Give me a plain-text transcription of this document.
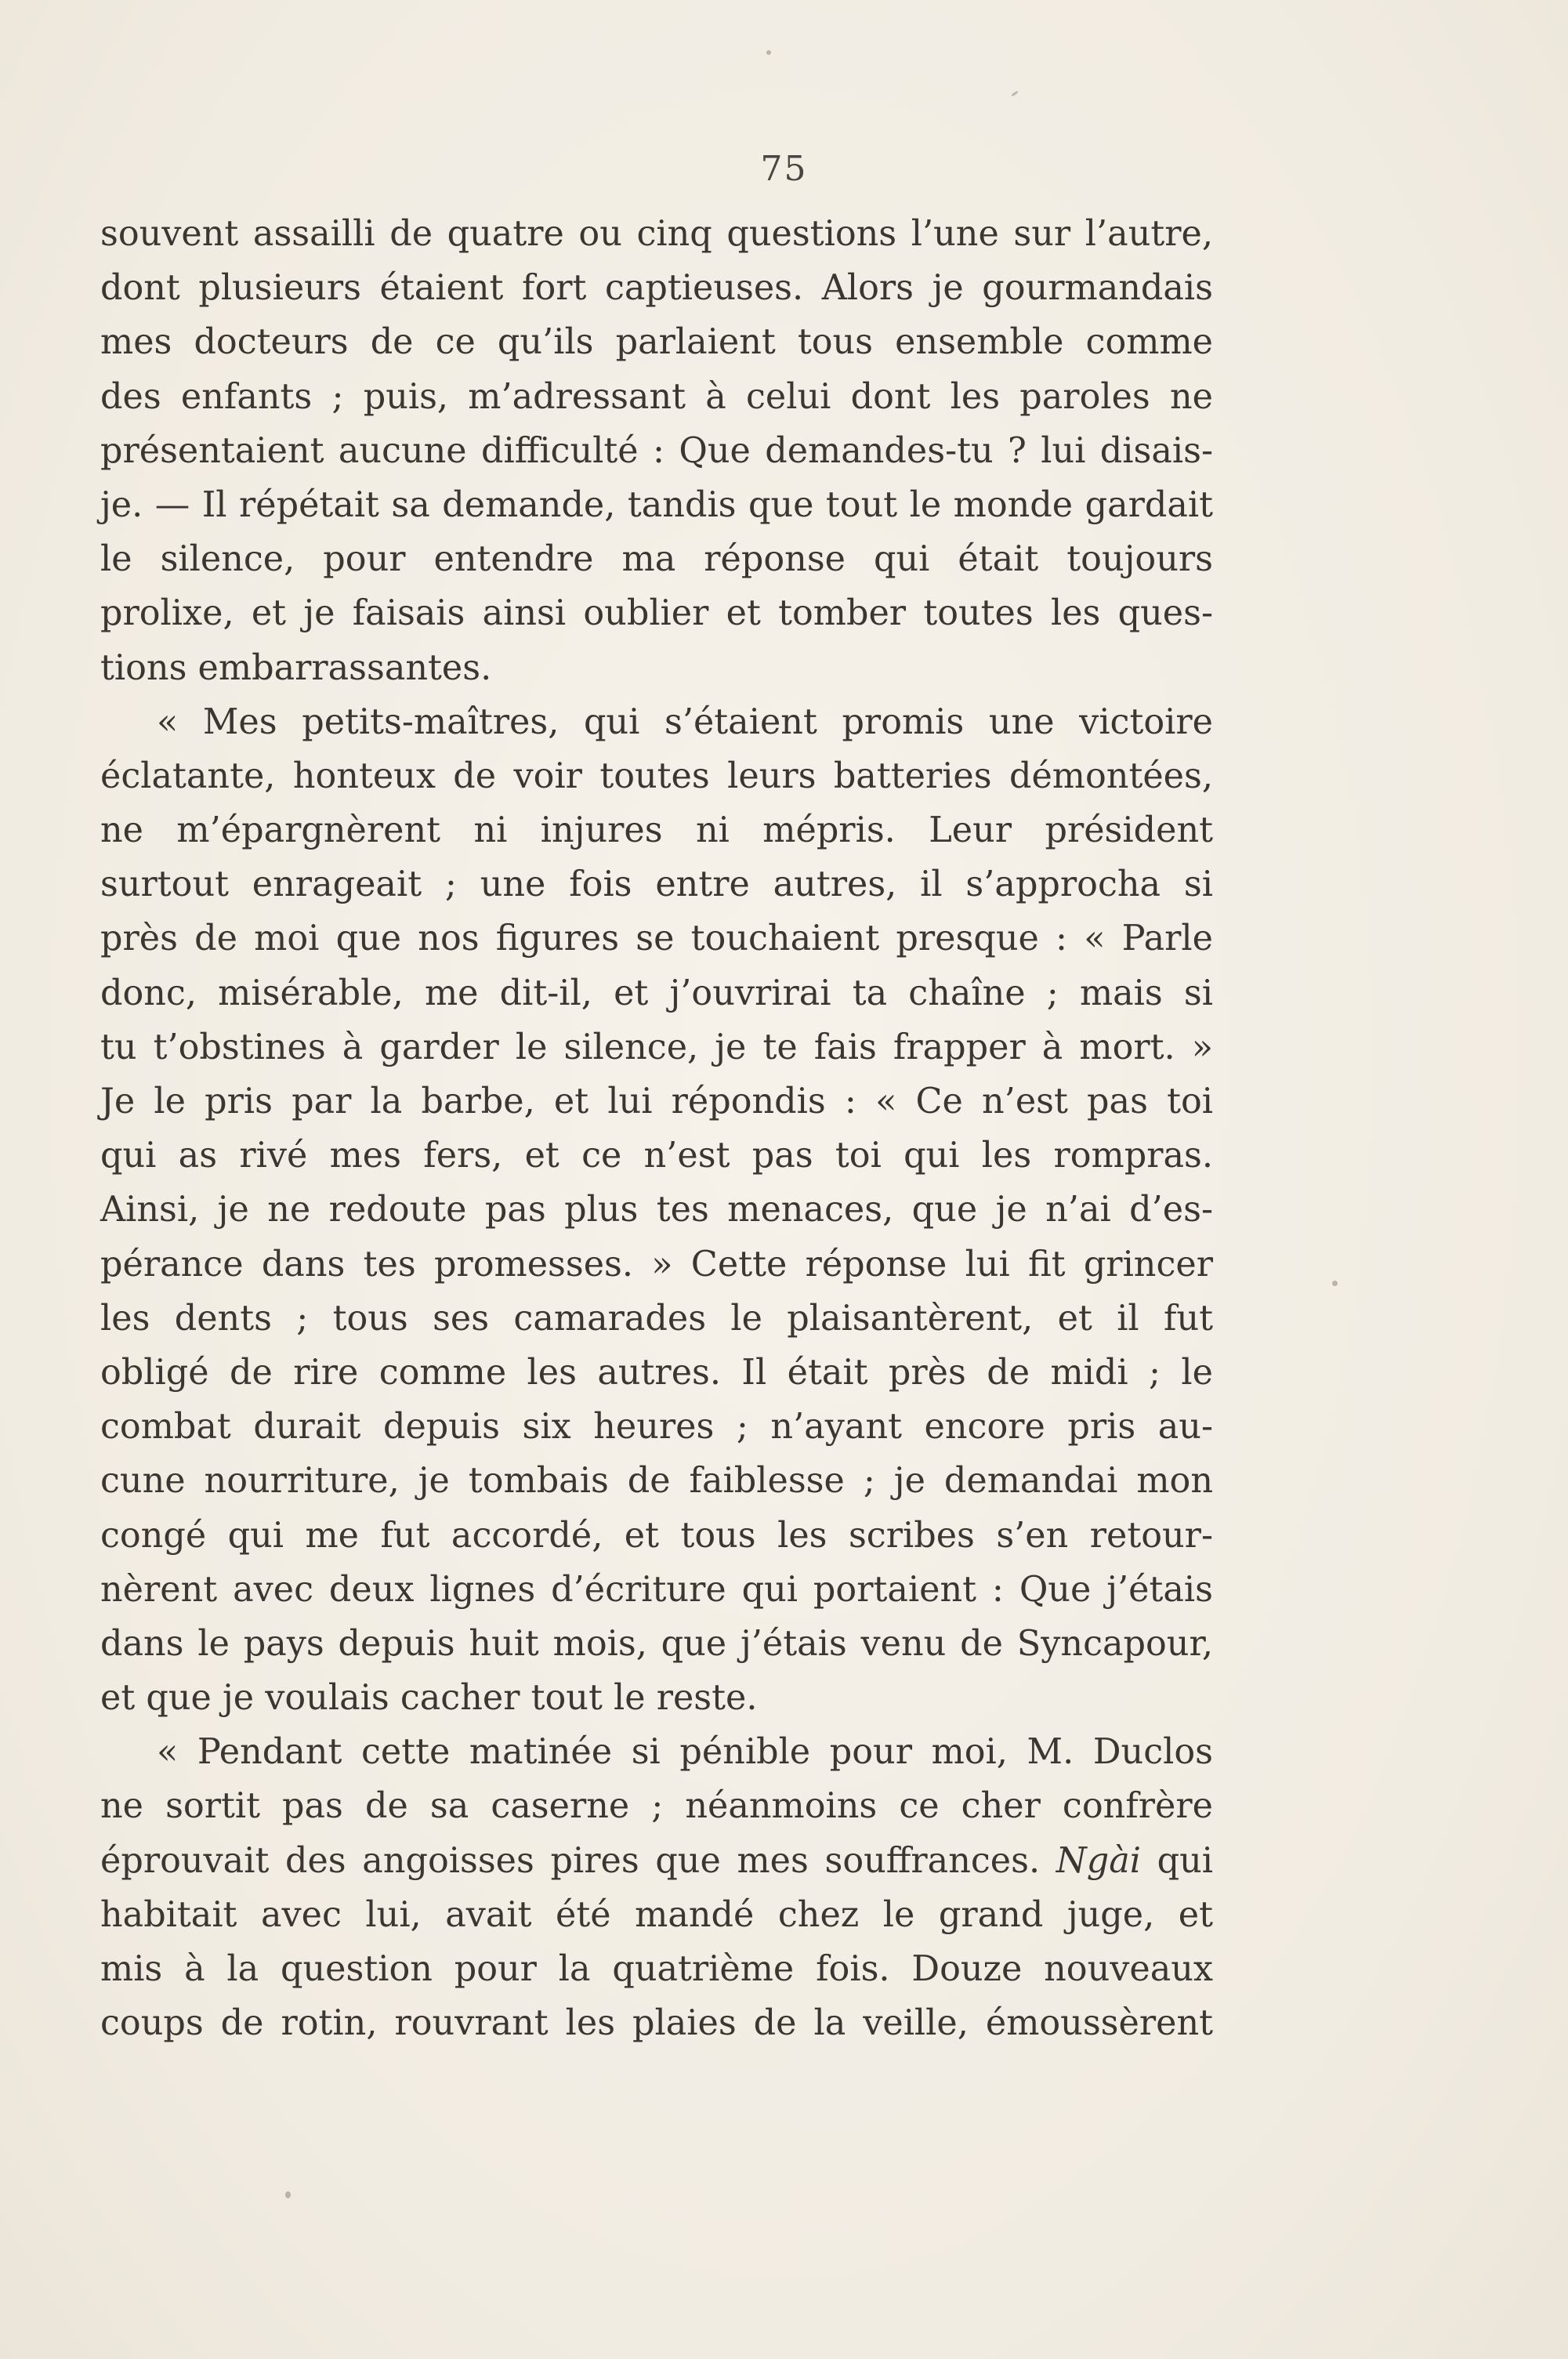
75
souvent assailli de quatre ou cinq questions l’une sur l’autre,
dont plusieurs étaient fort captieuses. Alors je gourmandais
mes docteurs de ce qu’ils parlaient tous ensemble comme
des enfants ; puis, m’adressant à celui dont les paroles ne
présentaient aucune difficulté : Que demandes-tu ? lui disais-
je. — Il répétait sa demande, tandis que tout le monde gardait
le silence, pour entendre ma réponse qui était toujours
prolixe, et je faisais ainsi oublier et tomber toutes les ques-
tions embarrassantes.
« Mes petits-maîtres, qui s’étaient promis une victoire
éclatante, honteux de voir toutes leurs batteries démontées,
ne m’épargnèrent ni injures ni mépris. Leur président
surtout enrageait ; une fois entre autres, il s’approcha si
près de moi que nos figures se touchaient presque : « Parle
donc, misérable, me dit-il, et j’ouvrirai ta chaîne ; mais si
tu t’obstines à garder le silence, je te fais frapper à mort. »
Je le pris par la barbe, et lui répondis : « Ce n’est pas toi
qui as rivé mes fers, et ce n’est pas toi qui les rompras.
Ainsi, je ne redoute pas plus tes menaces, que je n’ai d’es-
pérance dans tes promesses. » Cette réponse lui fit grincer
les dents ; tous ses camarades le plaisantèrent, et il fut
obligé de rire comme les autres. Il était près de midi ; le
combat durait depuis six heures ; n’ayant encore pris au-
cune nourriture, je tombais de faiblesse ; je demandai mon
congé qui me fut accordé, et tous les scribes s’en retour-
nèrent avec deux lignes d’écriture qui portaient : Que j’étais
dans le pays depuis huit mois, que j’étais venu de Syncapour,
et que je voulais cacher tout le reste.
« Pendant cette matinée si pénible pour moi, M. Duclos
ne sortit pas de sa caserne ; néanmoins ce cher confrère
éprouvait des angoisses pires que mes souffrances. Ngài qui
habitait avec lui, avait été mandé chez le grand juge, et
mis à la question pour la quatrième fois. Douze nouveaux
coups de rotin, rouvrant les plaies de la veille, émoussèrent
